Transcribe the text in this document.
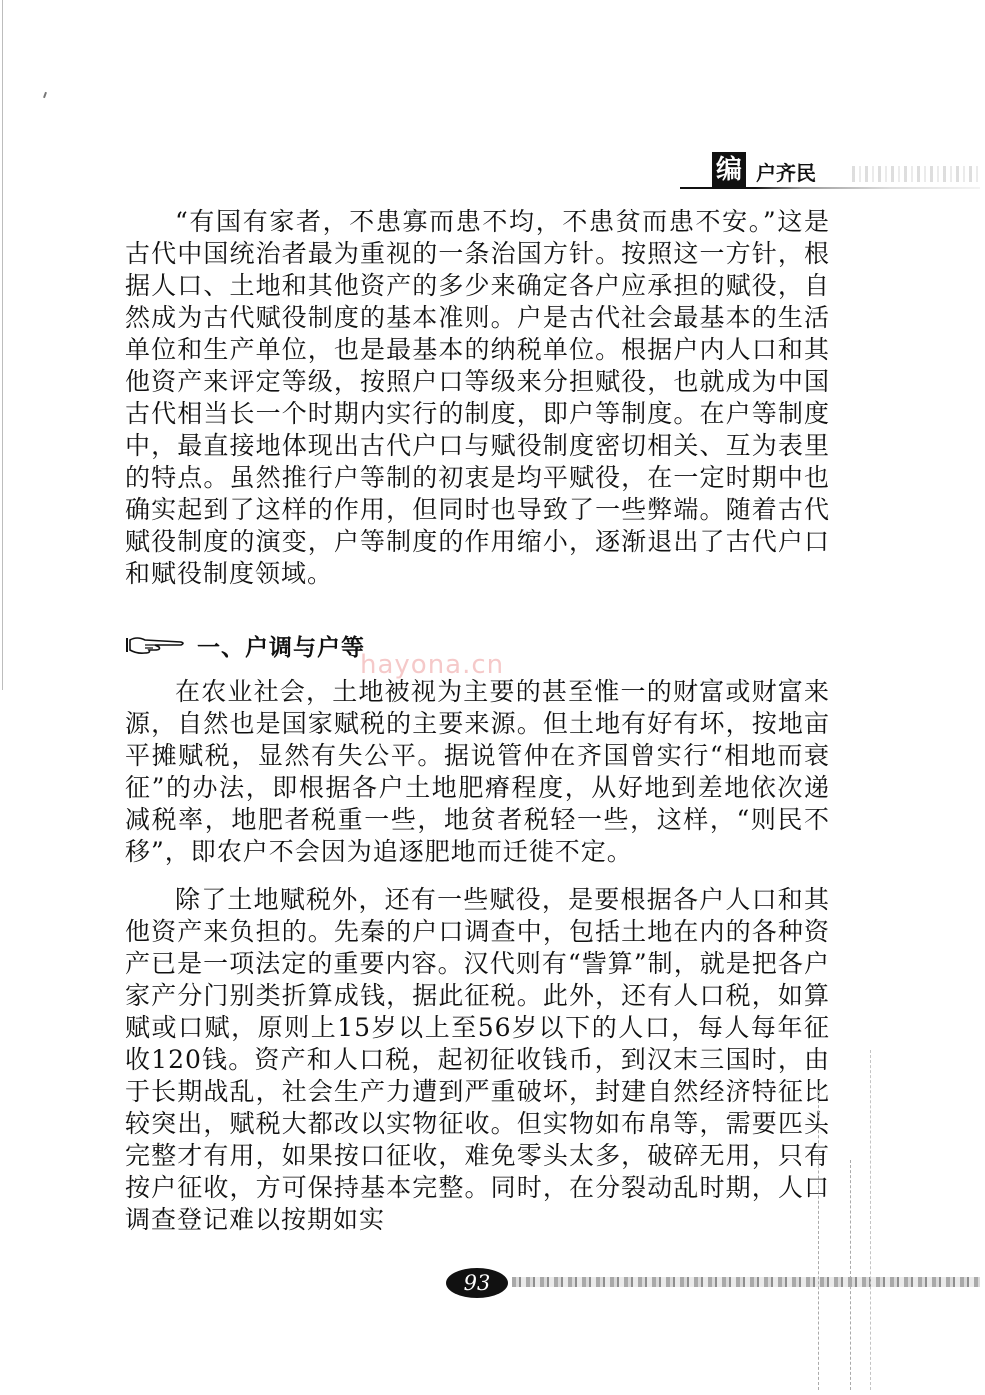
编 户齐民

“有国有家者，不患寡而患不均，不患贫而患不安。”这是古代中国统治者最为重视的一条治国方针。按照这一方针，根据人口、土地和其他资产的多少来确定各户应承担的赋役，自然成为古代赋役制度的基本准则。户是古代社会最基本的生活单位和生产单位，也是最基本的纳税单位。根据户内人口和其他资产来评定等级，按照户口等级来分担赋役，也就成为中国古代相当长一个时期内实行的制度，即户等制度。在户等制度中，最直接地体现出古代户口与赋役制度密切相关、互为表里的特点。虽然推行户等制的初衷是均平赋役，在一定时期中也确实起到了这样的作用，但同时也导致了一些弊端。随着古代赋役制度的演变，户等制度的作用缩小，逐渐退出了古代户口和赋役制度领域。

一、户调与户等

在农业社会，土地被视为主要的甚至惟一的财富或财富来源，自然也是国家赋税的主要来源。但土地有好有坏，按地亩平摊赋税，显然有失公平。据说管仲在齐国曾实行“相地而衰征”的办法，即根据各户土地肥瘠程度，从好地到差地依次递减税率，地肥者税重一些，地贫者税轻一些，这样，“则民不移”，即农户不会因为追逐肥地而迁徙不定。

除了土地赋税外，还有一些赋役，是要根据各户人口和其他资产来负担的。先秦的户口调查中，包括土地在内的各种资产已是一项法定的重要内容。汉代则有“訾算”制，就是把各户家产分门别类折算成钱，据此征税。此外，还有人口税，如算赋或口赋，原则上15岁以上至56岁以下的人口，每人每年征收120钱。资产和人口税，起初征收钱币，到汉末三国时，由于长期战乱，社会生产力遭到严重破坏，封建自然经济特征比较突出，赋税大都改以实物征收。但实物如布帛等，需要匹头完整才有用，如果按口征收，难免零头太多，破碎无用，只有按户征收，方可保持基本完整。同时，在分裂动乱时期，人口调查登记难以按期如实

hayona.cn
93
